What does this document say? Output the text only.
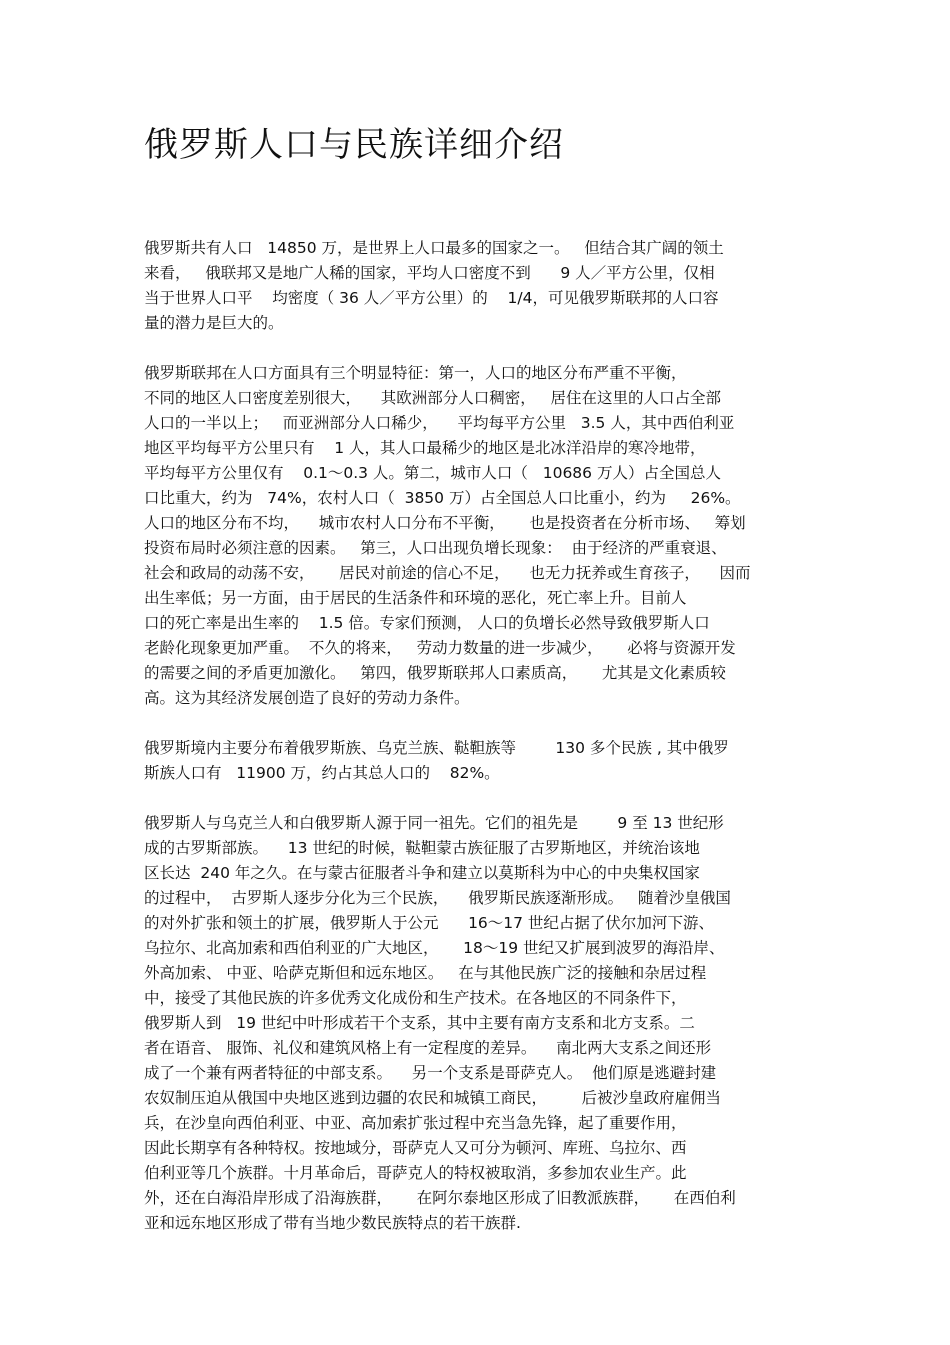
俄罗斯人口与民族详细介绍
俄罗斯共有人口   14850 万，是世界上人口最多的国家之一。   但结合其广阔的领土
来看，   俄联邦又是地广人稀的国家，平均人口密度不到      9 人／平方公里，仅相
当于世界人口平    均密度（ 36 人／平方公里）的    1/4，可见俄罗斯联邦的人口容
量的潜力是巨大的。
俄罗斯联邦在人口方面具有三个明显特征：第一，人口的地区分布严重不平衡，
不同的地区人口密度差别很大，    其欧洲部分人口稠密，   居住在这里的人口占全部
人口的一半以上；   而亚洲部分人口稀少，    平均每平方公里   3.5 人，其中西伯利亚
地区平均每平方公里只有    1 人，其人口最稀少的地区是北冰洋沿岸的寒冷地带，
平均每平方公里仅有    0.1～0.3 人。第二，城市人口（   10686 万人）占全国总人
口比重大，约为   74%，农村人口（  3850 万）占全国总人口比重小，约为     26%。
人口的地区分布不均，    城市农村人口分布不平衡，     也是投资者在分析市场、   筹划
投资布局时必须注意的因素。   第三，人口出现负增长现象：  由于经济的严重衰退、
社会和政局的动荡不安，     居民对前途的信心不足，    也无力抚养或生育孩子，    因而
出生率低；另一方面，由于居民的生活条件和环境的恶化，死亡率上升。目前人
口的死亡率是出生率的    1.5 倍。专家们预测， 人口的负增长必然导致俄罗斯人口
老龄化现象更加严重。  不久的将来，   劳动力数量的进一步减少，     必将与资源开发
的需要之间的矛盾更加激化。   第四，俄罗斯联邦人口素质高，     尤其是文化素质较
高。这为其经济发展创造了良好的劳动力条件。
俄罗斯境内主要分布着俄罗斯族、乌克兰族、鞑靼族等        130 多个民族 , 其中俄罗
斯族人口有   11900 万，约占其总人口的    82%。
俄罗斯人与乌克兰人和白俄罗斯人源于同一祖先。它们的祖先是        9 至 13 世纪形
成的古罗斯部族。    13 世纪的时候，鞑靼蒙古族征服了古罗斯地区，并统治该地
区长达  240 年之久。在与蒙古征服者斗争和建立以莫斯科为中心的中央集权国家
的过程中，  古罗斯人逐步分化为三个民族，    俄罗斯民族逐渐形成。   随着沙皇俄国
的对外扩张和领土的扩展，俄罗斯人于公元      16～17 世纪占据了伏尔加河下游、
乌拉尔、北高加索和西伯利亚的广大地区，     18～19 世纪又扩展到波罗的海沿岸、
外高加索、 中亚、哈萨克斯但和远东地区。   在与其他民族广泛的接触和杂居过程
中，接受了其他民族的许多优秀文化成份和生产技术。在各地区的不同条件下，
俄罗斯人到   19 世纪中叶形成若干个支系，其中主要有南方支系和北方支系。二
者在语音、 服饰、礼仪和建筑风格上有一定程度的差异。    南北两大支系之间还形
成了一个兼有两者特征的中部支系。    另一个支系是哥萨克人。  他们原是逃避封建
农奴制压迫从俄国中央地区逃到边疆的农民和城镇工商民，       后被沙皇政府雇佣当
兵，在沙皇向西伯利亚、中亚、高加索扩张过程中充当急先锋，起了重要作用，
因此长期享有各种特权。按地域分，哥萨克人又可分为顿河、库班、乌拉尔、西
伯利亚等几个族群。十月革命后，哥萨克人的特权被取消，多参加农业生产。此
外，还在白海沿岸形成了沿海族群，     在阿尔泰地区形成了旧教派族群，     在西伯利
亚和远东地区形成了带有当地少数民族特点的若干族群.
